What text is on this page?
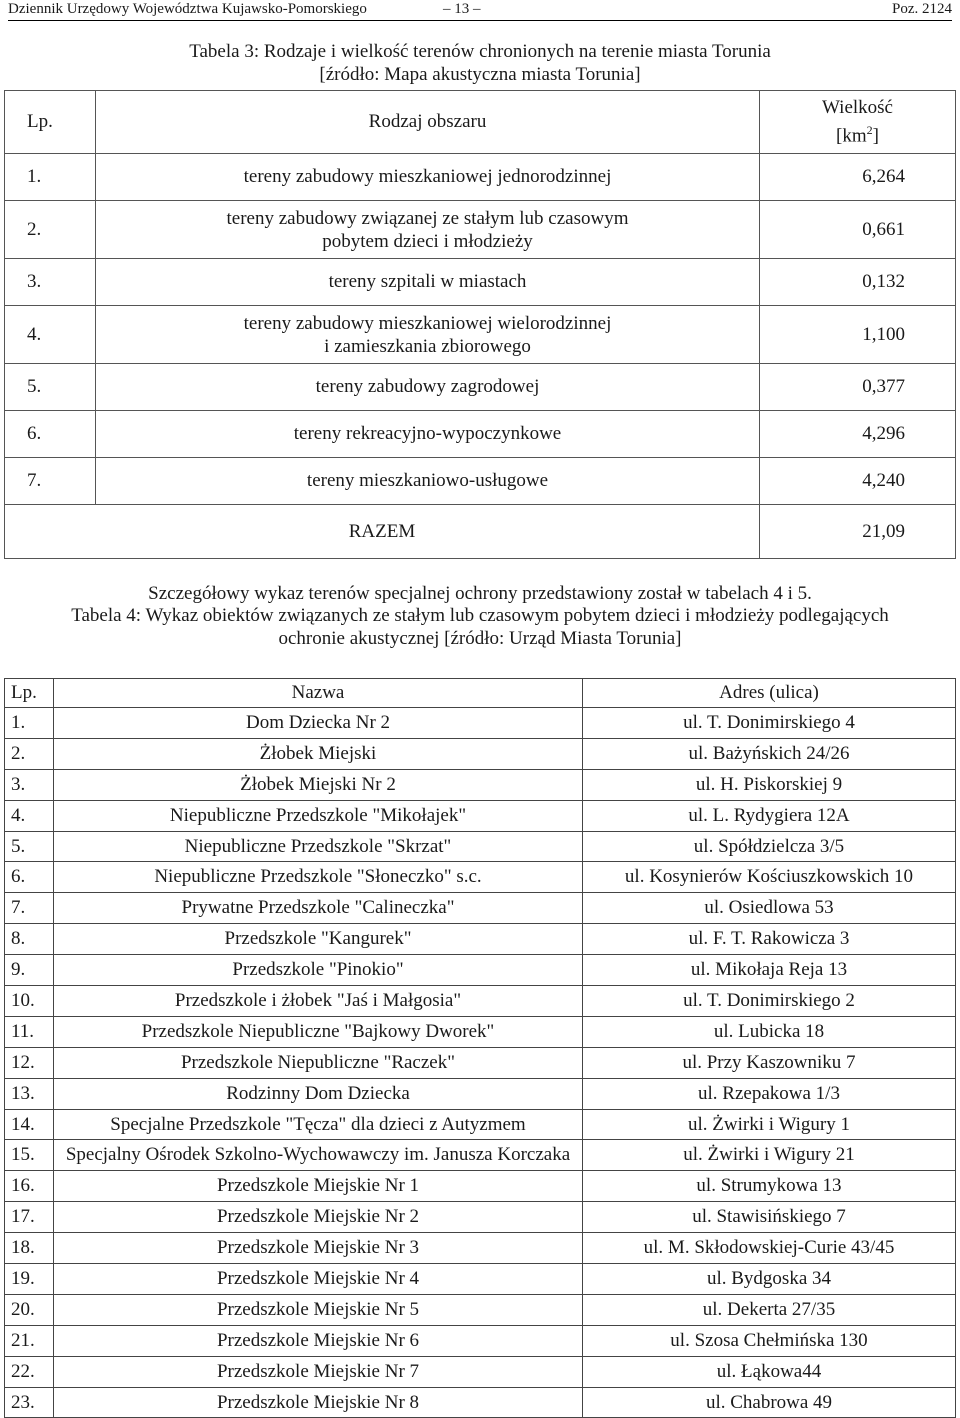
Dziennik Urzędowy Województwa Kujawsko-Pomorskiego	– 13 –	Poz. 2124
Tabela 3: Rodzaje i wielkość terenów chronionych na terenie miasta Torunia
[źródło: Mapa akustyczna miasta Torunia]
Lp.	Rodzaj obszaru	Wielkość
$[km^2]$

1.	tereny zabudowy mieszkaniowej jednorodzinnej	6,264
2.	tereny zabudowy związanej ze stałym lub czasowym
pobytem dzieci i młodzieży	0,661
3.	tereny szpitali w miastach	0,132
4.	tereny zabudowy mieszkaniowej wielorodzinnej
i zamieszkania zbiorowego	1,100
5.	tereny zabudowy zagrodowej	0,377
6.	tereny rekreacyjno-wypoczynkowe	4,296
7.	tereny mieszkaniowo-usługowe	4,240
RAZEM		21,09
Szczegółowy wykaz terenów specjalnej ochrony przedstawiony został w tabelach 4 i 5.
Tabela 4: Wykaz obiektów związanych ze stałym lub czasowym pobytem dzieci i młodzieży podlegających
ochronie akustycznej [źródło: Urząd Miasta Torunia]
Lp.	Nazwa	Adres (ulica)
1.	Dom Dziecka Nr 2	ul. T. Donimirskiego 4
2.	Żłobek Miejski	ul. Bażyńskich 24/26
3.	Żłobek Miejski Nr 2	ul. H. Piskorskiej 9
4.	Niepubliczne Przedszkole "Mikołajek"	ul. L. Rydygiera 12A
5.	Niepubliczne Przedszkole "Skrzat"	ul. Spółdzielcza 3/5
6.	Niepubliczne Przedszkole "Słoneczko" s.c.	ul. Kosynierów Kościuszkowskich 10
7.	Prywatne Przedszkole "Calineczka"	ul. Osiedlowa 53
8.	Przedszkole "Kangurek"	ul. F. T. Rakowicza 3
9.	Przedszkole "Pinokio"	ul. Mikołaja Reja 13
10.	Przedszkole i żłobek "Jaś i Małgosia"	ul. T. Donimirskiego 2
11.	Przedszkole Niepubliczne "Bajkowy Dworek"	ul. Lubicka 18
12.	Przedszkole Niepubliczne "Raczek"	ul. Przy Kaszowniku 7
13.	Rodzinny Dom Dziecka	ul. Rzepakowa 1/3
14.	Specjalne Przedszkole "Tęcza" dla dzieci z Autyzmem	ul. Żwirki i Wigury 1
15.	Specjalny Ośrodek Szkolno-Wychowawczy im. Janusza Korczaka	ul. Żwirki i Wigury 21
16.	Przedszkole Miejskie Nr 1	ul. Strumykowa 13
17.	Przedszkole Miejskie Nr 2	ul. Stawisińskiego 7
18.	Przedszkole Miejskie Nr 3	ul. M. Skłodowskiej-Curie 43/45
19.	Przedszkole Miejskie Nr 4	ul. Bydgoska 34
20.	Przedszkole Miejskie Nr 5	ul. Dekerta 27/35
21.	Przedszkole Miejskie Nr 6	ul. Szosa Chełmińska 130
22.	Przedszkole Miejskie Nr 7	ul. Łąkowa44
23.	Przedszkole Miejskie Nr 8	ul. Chabrowa 49
